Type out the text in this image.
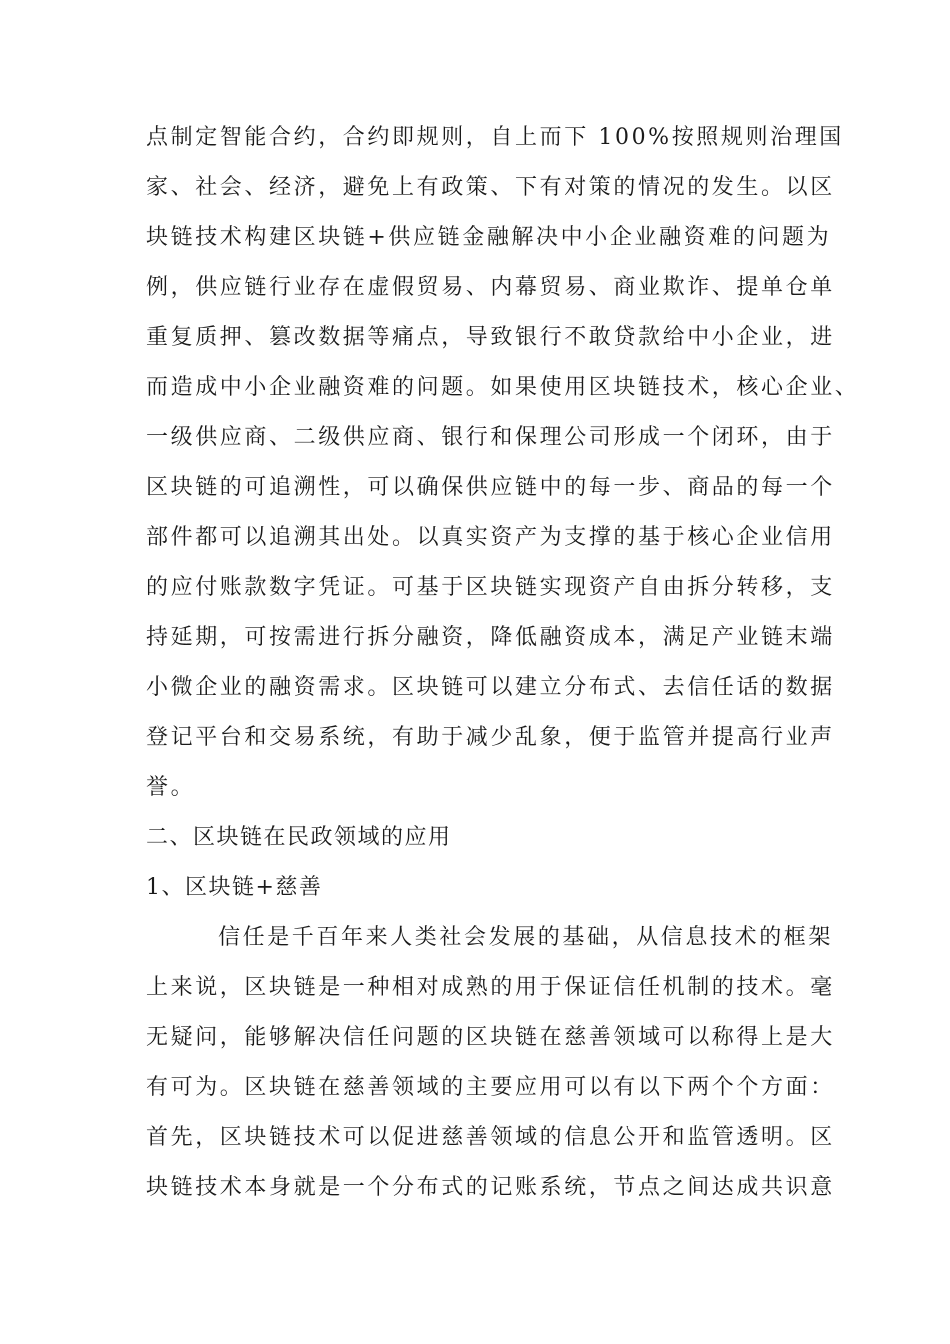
点制定智能合约，合约即规则，自上而下 100%按照规则治理国
家、社会、经济，避免上有政策、下有对策的情况的发生。以区
块链技术构建区块链+供应链金融解决中小企业融资难的问题为
例，供应链行业存在虚假贸易、内幕贸易、商业欺诈、提单仓单
重复质押、篡改数据等痛点，导致银行不敢贷款给中小企业，进
而造成中小企业融资难的问题。如果使用区块链技术，核心企业、
一级供应商、二级供应商、银行和保理公司形成一个闭环，由于
区块链的可追溯性，可以确保供应链中的每一步、商品的每一个
部件都可以追溯其出处。以真实资产为支撑的基于核心企业信用
的应付账款数字凭证。可基于区块链实现资产自由拆分转移，支
持延期，可按需进行拆分融资，降低融资成本，满足产业链末端
小微企业的融资需求。区块链可以建立分布式、去信任话的数据
登记平台和交易系统，有助于减少乱象，便于监管并提高行业声
誉。
二、区块链在民政领域的应用
1、区块链+慈善
信任是千百年来人类社会发展的基础，从信息技术的框架
上来说，区块链是一种相对成熟的用于保证信任机制的技术。毫
无疑问，能够解决信任问题的区块链在慈善领域可以称得上是大
有可为。区块链在慈善领域的主要应用可以有以下两个个方面：
首先，区块链技术可以促进慈善领域的信息公开和监管透明。区
块链技术本身就是一个分布式的记账系统，节点之间达成共识意
